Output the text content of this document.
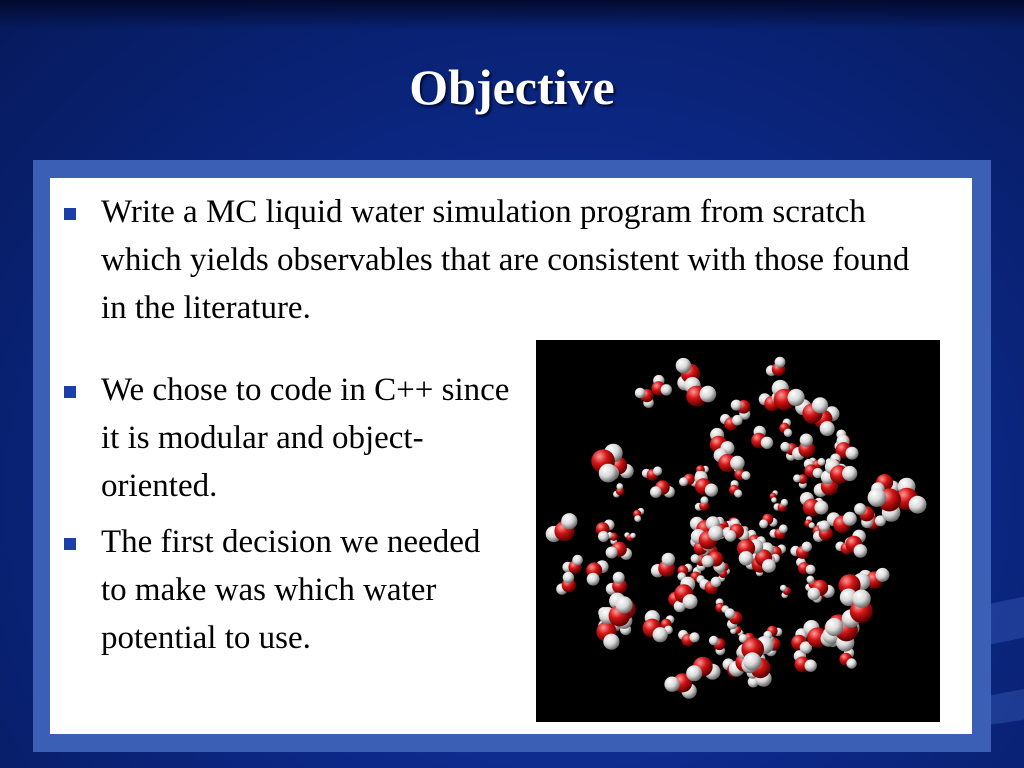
Objective
Write a MC liquid water simulation program from scratch which yields observables that are consistent with those found in the literature.
We chose to code in C++ since it is modular and object-oriented.
The first decision we needed to make was which water potential to use.
